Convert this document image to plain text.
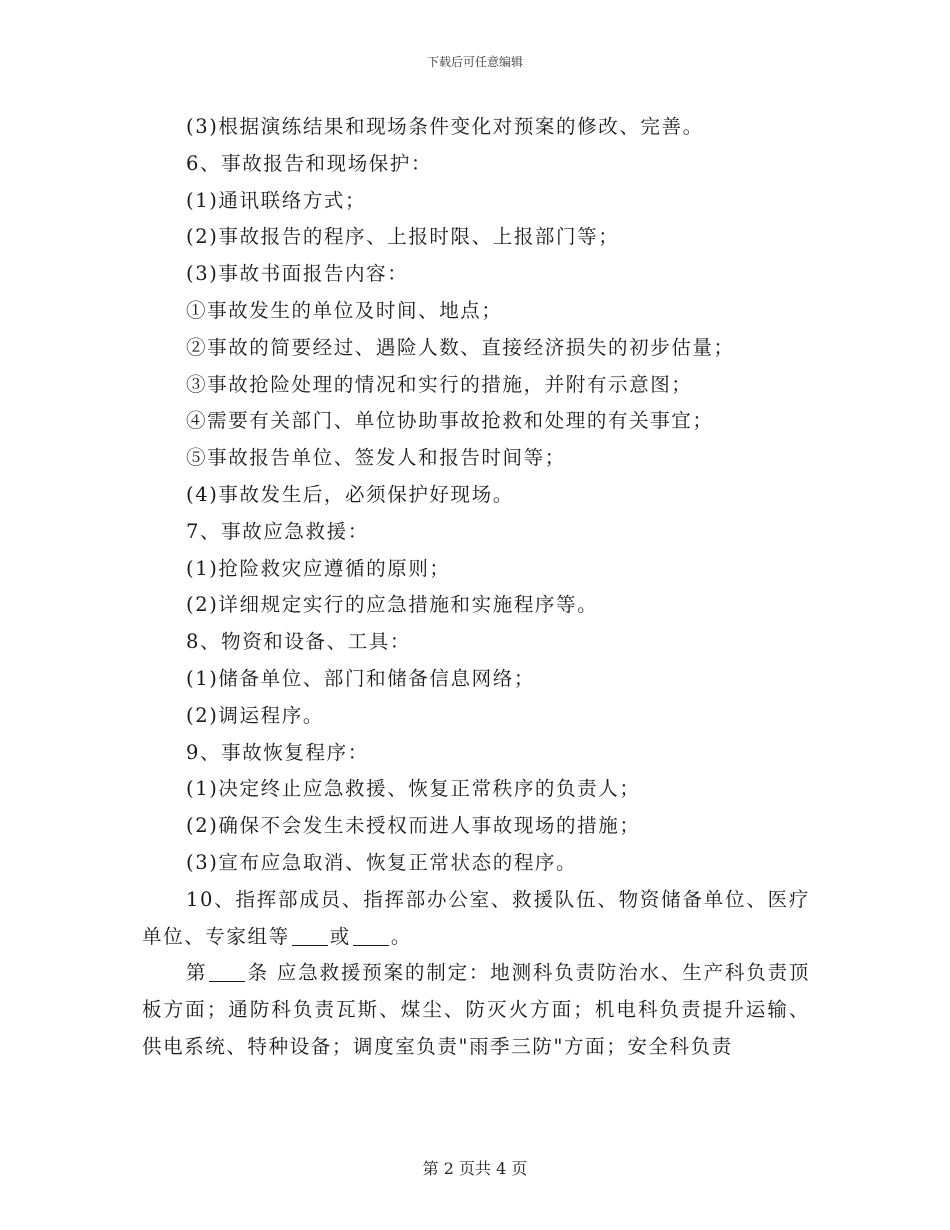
下载后可任意编辑
(3)根据演练结果和现场条件变化对预案的修改、完善。
6、事故报告和现场保护：
(1)通讯联络方式；
(2)事故报告的程序、上报时限、上报部门等；
(3)事故书面报告内容：
①事故发生的单位及时间、地点；
②事故的简要经过、遇险人数、直接经济损失的初步估量；
③事故抢险处理的情况和实行的措施，并附有示意图；
④需要有关部门、单位协助事故抢救和处理的有关事宜；
⑤事故报告单位、签发人和报告时间等；
(4)事故发生后，必须保护好现场。
7、事故应急救援：
(1)抢险救灾应遵循的原则；
(2)详细规定实行的应急措施和实施程序等。
8、物资和设备、工具：
(1)储备单位、部门和储备信息网络；
(2)调运程序。
9、事故恢复程序：
(1)决定终止应急救援、恢复正常秩序的负责人；
(2)确保不会发生未授权而进人事故现场的措施；
(3)宣布应急取消、恢复正常状态的程序。
10、指挥部成员、指挥部办公室、救援队伍、物资储备单位、医疗单位、专家组等 或 。
第 条 应急救援预案的制定：地测科负责防治水、生产科负责顶板方面；通防科负责瓦斯、煤尘、防灭火方面；机电科负责提升运输、供电系统、特种设备；调度室负责"雨季三防"方面；安全科负责
第 2 页共 4 页
